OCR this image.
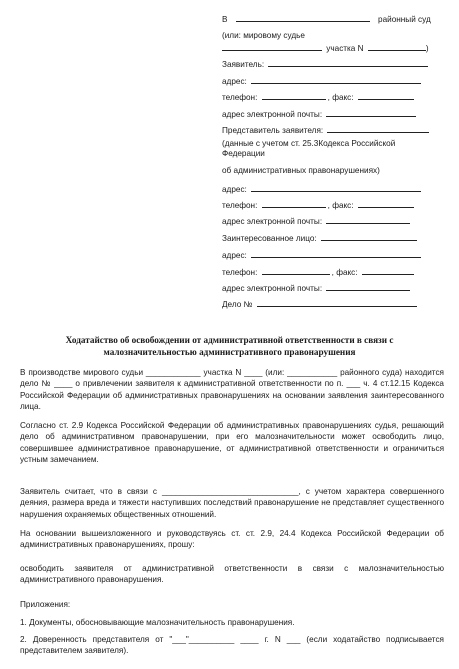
В	районный суд
(или: мировому судье
участка N	)
Заявитель:
адрес:
телефон:	, факс:
адрес электронной почты:
Представитель заявителя:
(данные с учетом ст. 25.3Кодекса Российской
Федерации
об административных правонарушениях)
адрес:
телефон:	, факс:
адрес электронной почты:
Заинтересованное лицо:
адрес:
телефон:	, факс:
адрес электронной почты:
Дело №
Ходатайство об освобождении от административной ответственности в связи с
малозначительностью административного правонарушения
В производстве мирового судьи ____________ участка N ____ (или: ___________ районного суда) находится дело № ____ о привлечении заявителя к административной ответственности по п. ___ ч. 4 ст.12.15 Кодекса Российской Федерации об административных правонарушениях на основании заявления заинтересованного лица.
Согласно ст. 2.9 Кодекса Российской Федерации об административных правонарушениях судья, решающий дело об административном правонарушении, при его малозначительности может освободить лицо, совершившее административное правонарушение, от административной ответственности и ограничиться устным замечанием.
Заявитель считает, что в связи с ______________________________, с учетом характера совершенного деяния, размера вреда и тяжести наступивших последствий правонарушение не представляет существенного нарушения охраняемых общественных отношений.
На основании вышеизложенного и руководствуясь ст. ст. 2.9, 24.4 Кодекса Российской Федерации об административных правонарушениях, прошу:
освободить заявителя от административной ответственности в связи с малозначительностью административного правонарушения.
Приложения:
1. Документы, обосновывающие малозначительность правонарушения.
2. Доверенность представителя от "___"__________ ____ г. N ___ (если ходатайство подписывается представителем заявителя).
